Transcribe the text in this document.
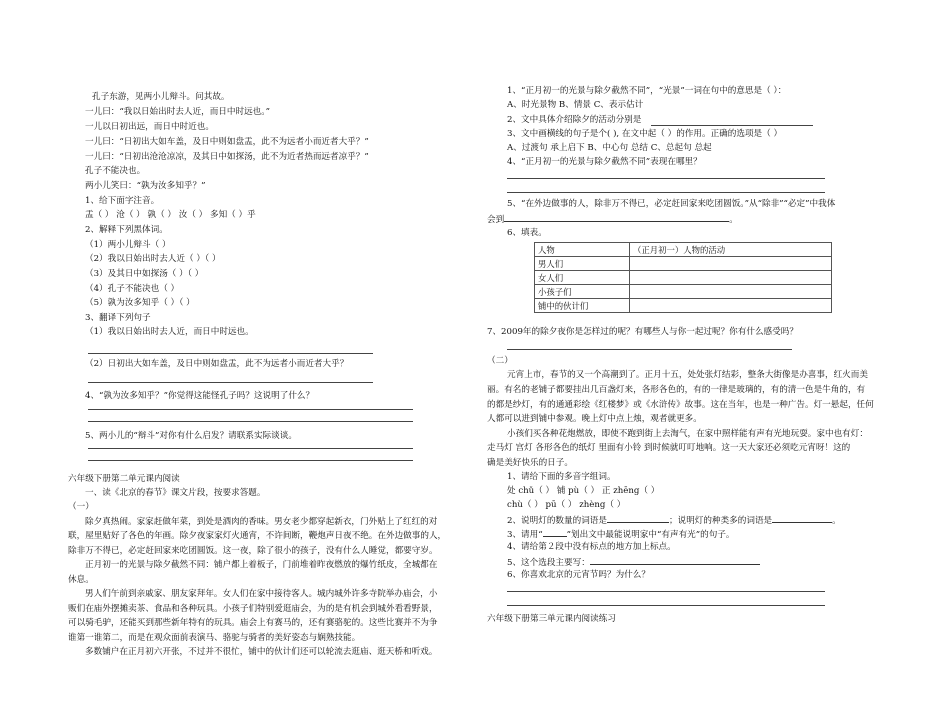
孔子东游，见两小儿辩斗。问其故。
一儿曰：“我以日始出时去人近，而日中时远也。”
一儿以日初出远，而日中时近也。
一儿曰：“日初出大如车盖，及日中则如盘盂，此不为远者小而近者大乎？”
一儿曰：“日初出沧沧凉凉，及其日中如探汤，此不为近者热而远者凉乎？”
孔子不能决也。
两小儿笑曰：“孰为汝多知乎？”
1、给下面字注音。
盂（ ） 沧（ ） 孰（ ） 汝（ ） 多知（ ）乎
2、解释下列黑体词。
（1）两小儿辩斗（ ）
（2）我以日始出时去人近（ ）（ ）
（3）及其日中如探汤（ ）（ ）
（4）孔子不能决也（ ）
（5）孰为汝多知乎（ ）（ ）
3、翻译下列句子
（1）我以日始出时去人近，而日中时远也。
（2）日初出大如车盖，及日中则如盘盂，此不为远者小而近者大乎？
4、“孰为汝多知乎？”你觉得这能怪孔子吗？这说明了什么？
5、两小儿的“辩斗”对你有什么启发？请联系实际谈谈。
六年级下册第二单元课内阅读
一、读《北京的春节》课文片段，按要求答题。
（一）
除夕真热闹。家家赶做年菜，到处是酒肉的香味。男女老少都穿起新衣，门外贴上了红红的对
联，屋里贴好了各色的年画。除夕夜家家灯火通宵，不许间断，鞭炮声日夜不绝。在外边做事的人，
除非万不得已，必定赶回家来吃团圆饭。这一夜，除了很小的孩子，没有什么人睡觉，都要守岁。
正月初一的光景与除夕截然不同：铺户都上着板子，门前堆着昨夜燃放的爆竹纸皮，全城都在
休息。
男人们午前到亲戚家、朋友家拜年。女人们在家中接待客人。城内城外许多寺院举办庙会，小
贩们在庙外摆摊卖茶、食品和各种玩具。小孩子们特别爱逛庙会，为的是有机会到城外看看野景，
可以骑毛驴，还能买到那些新年特有的玩具。庙会上有赛马的，还有赛骆驼的。这些比赛并不为争
谁第一谁第二，而是在观众面前表演马、骆驼与骑者的美好姿态与娴熟技能。
多数铺户在正月初六开张，不过并不很忙，铺中的伙计们还可以轮流去逛庙、逛天桥和听戏。
1、“正月初一的光景与除夕截然不同”，“光景”一词在句中的意思是（ ）：
A、时光景物 B、情景 C、表示估计
2、文中具体介绍除夕的活动分别是
3、文中画横线的句子是个( ), 在文中起（ ）的作用。正确的选项是（ ）
A、过渡句 承上启下 B、中心句 总结 C、总起句 总起
4、“正月初一的光景与除夕截然不同”表现在哪里？
5、“在外边做事的人，除非万不得已，必定赶回家来吃团圆饭。”从“除非”“必定”中我体
会到	。
6、填表。
人物	（正月初一）人物的活动
男人们	
女人们	
小孩子们	
铺中的伙计们	
7、2009年的除夕夜你是怎样过的呢？有哪些人与你一起过呢？你有什么感受吗？
（二）
元宵上市，春节的又一个高潮到了。正月十五，处处张灯结彩，整条大街像是办喜事，红火而美
丽。有名的老铺子都要挂出几百盏灯来，各形各色的，有的一律是玻璃的，有的清一色是牛角的，有
的都是纱灯，有的通通彩绘《红楼梦》或《水浒传》故事。这在当年，也是一种广告。灯一悬起，任何
人都可以进到铺中参观。晚上灯中点上烛，观者就更多。
小孩们买各种花炮燃放，即使不跑到街上去淘气，在家中照样能有声有光地玩耍。家中也有灯：
走马灯 宫灯 各形各色的纸灯 里面有小铃 到时候就叮叮地响。这一天大家还必须吃元宵呀！这的
确是美好快乐的日子。
1、请给下面的多音字组词。
处 chǔ（ ） 铺 pù（ ） 正 zhēng（ ）
chù（ ） pū（ ） zhèng（ ）
2、说明灯的数量的词语是	；说明灯的种类多的词语是	。
3、请用“	”划出文中最能说明家中“有声有光”的句子。
4、请给第２段中没有标点的地方加上标点。
5、这个选段主要写：
6、你喜欢北京的元宵节吗？为什么？
六年级下册第三单元课内阅读练习
